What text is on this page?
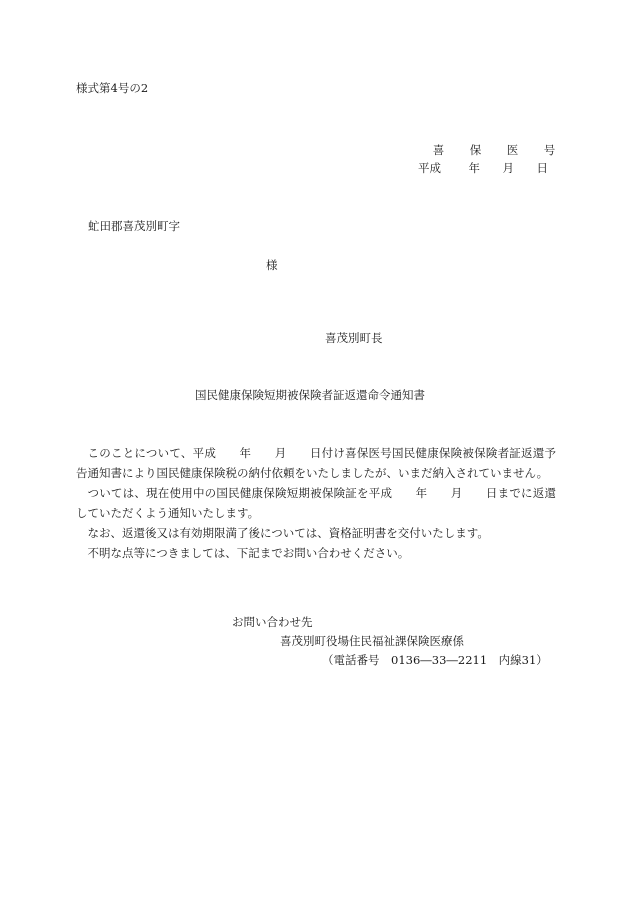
様式第4号の2
喜	保	医	号
平成	年	月	日
虻田郡喜茂別町字
様
喜茂別町長
国民健康保険短期被保険者証返還命令通知書

このことについて、平成　　年　　月　　日付け喜保医号国民健康保険被保険者証返還予告通知書により国民健康保険税の納付依頼をいたしましたが、いまだ納入されていません。

ついては、現在使用中の国民健康保険短期被保険証を平成　　年　　月　　日までに返還していただくよう通知いたします。

なお、返還後又は有効期限満了後については、資格証明書を交付いたします。

不明な点等につきましては、下記までお問い合わせください。

お問い合わせ先
喜茂別町役場住民福祉課保険医療係
（電話番号　0136―33―2211　内線31）
